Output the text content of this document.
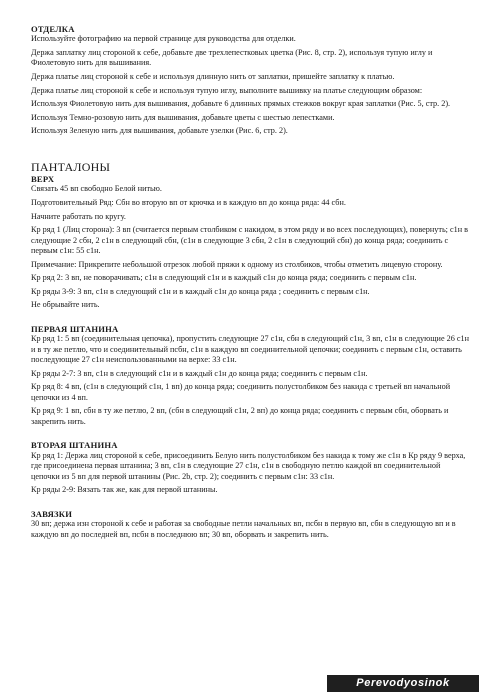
ОТДЕЛКА

Используйте фотографию на первой странице для руководства для отделки.

Держа заплатку лиц стороной к себе, добавьте две трехлепестковых цветка (Рис. 8, стр. 2), используя тупую иглу и Фиолетовую нить для вышивания.

Держа платье лиц стороной к себе и используя длинную нить от заплатки, пришейте заплатку к платью.

Держа платье лиц стороной к себе и используя тупую иглу, выполните вышивку на платье следующим образом:

Используя Фиолетовую нить для вышивания, добавьте 6 длинных прямых стежков вокруг края заплатки (Рис. 5, стр. 2).

Используя Темно-розовую нить для вышивания, добавьте цветы с шестью лепестками.

Используя Зеленую нить для вышивания, добавьте узелки (Рис. 6, стр. 2).

ПАНТАЛОНЫ
ВЕРХ

Связать 45 вп свободно Белой нитью.

Подготовительный Ряд: Сбн во вторую вп от крючка и в каждую вп до конца ряда: 44 сбн.

Начните работать по кругу.

Кр ряд 1 (Лиц сторона): 3 вп (считается первым столбиком с накидом, в этом ряду и во всех последующих), повернуть; с1н в следующие 2 сбн, 2 с1н в следующий сбн, (с1н в следующие 3 сбн, 2 с1н в следующий сбн) до конца ряда; соединить с первым с1н: 55 с1н.

Примечание: Прикрепите небольшой отрезок любой пряжи к одному из столбиков, чтобы отметить лицевую сторону.

Кр ряд 2: 3 вп, не поворачивать; с1н в следующий с1н и в каждый с1н до конца ряда; соединить с первым с1н.

Кр ряды 3-9: 3 вп, с1н в следующий с1н и в каждый с1н до конца ряда ; соединить с первым с1н.

Не обрывайте нить.

ПЕРВАЯ ШТАНИНА

Кр ряд 1: 5 вп (соединительная цепочка), пропустить следующие 27 с1н, сбн в следующий с1н, 3 вп, с1н в следующие 26 с1н и в ту же петлю, что и соединительный псбн, с1н в каждую вп соединительной цепочки; соединить с первым с1н, оставить последующие 27 с1н неиспользованными на верхе: 33 с1н.

Кр ряды 2-7: 3 вп, с1н в следующий с1н и в каждый с1н до конца ряда; соединить с первым с1н.

Кр ряд 8: 4 вп, (с1н в следующий с1н, 1 вп) до конца ряда; соединить полустолбиком без накида с третьей вп начальной цепочки из 4 вп.

Кр ряд 9: 1 вп, сбн в ту же петлю, 2 вп, (сбн в следующий с1н, 2 вп) до конца ряда; соединить с первым сбн, оборвать и закрепить нить.

ВТОРАЯ ШТАНИНА

Кр ряд 1: Держа лиц стороной к себе, присоединить Белую нить полустолбиком без накида к тому же с1н в Кр ряду 9 верха, где присоединена первая штанина; 3 вп, с1н в следующие 27 с1н, с1н в свободную петлю каждой вп соединительной цепочки из 5 вп для первой штанины (Рис. 2b, стр. 2); соединить с первым с1н: 33 с1н.

Кр ряды 2-9: Вязать так же, как для первой штанины.

ЗАВЯЗКИ

30 вп; держа изн стороной к себе и работая за свободные петли начальных вп, псбн в первую вп, сбн в следующую вп и в каждую вп до последней вп, псбн в последнюю вп; 30 вп, оборвать и закрепить нить.

Perevodyosinok
